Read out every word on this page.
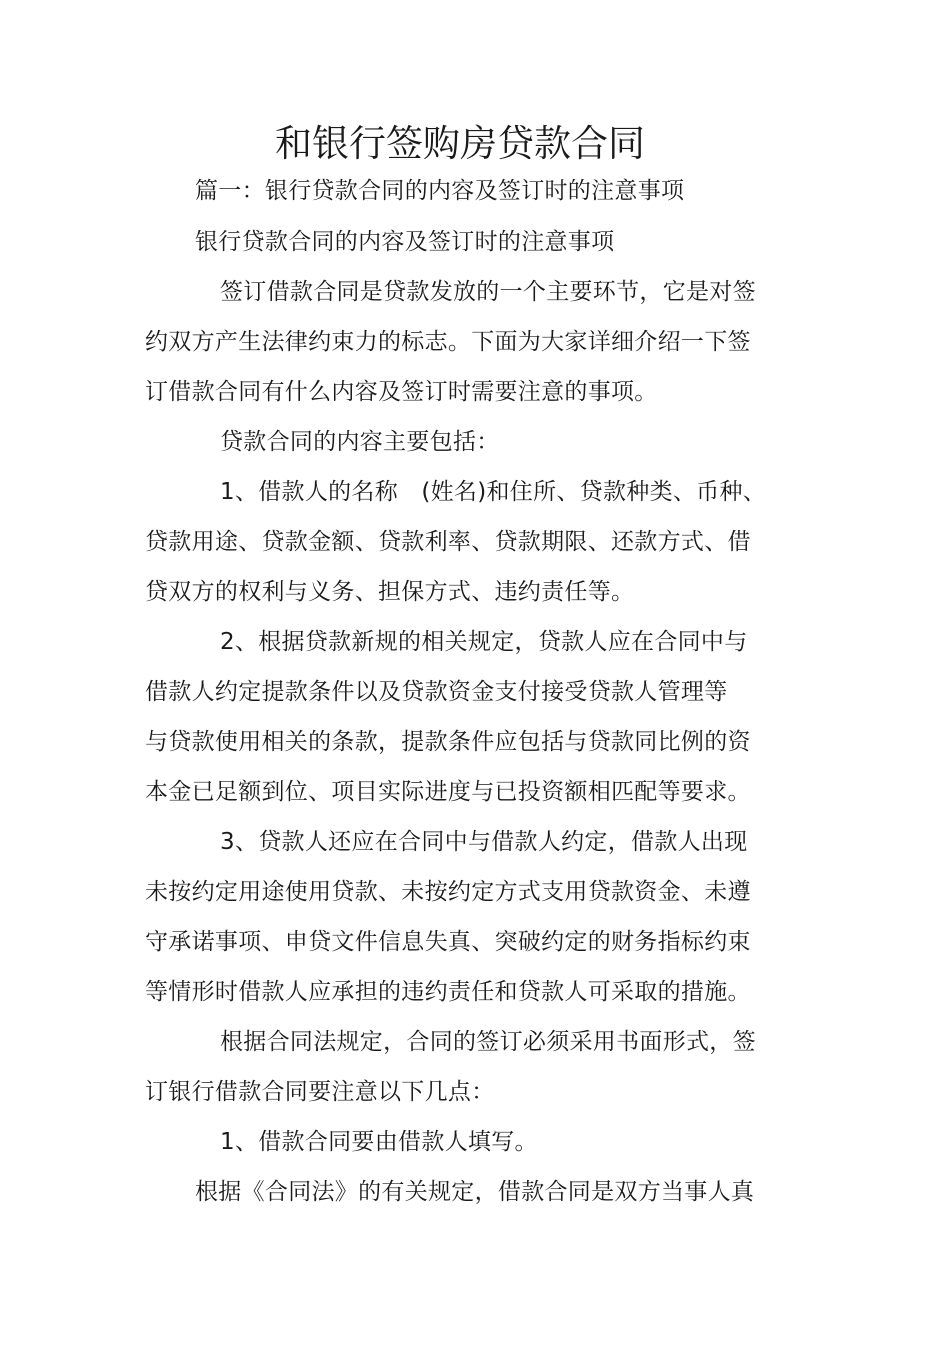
和银行签购房贷款合同
篇一：银行贷款合同的内容及签订时的注意事项
银行贷款合同的内容及签订时的注意事项
签订借款合同是贷款发放的一个主要环节，它是对签
约双方产生法律约束力的标志。下面为大家详细介绍一下签
订借款合同有什么内容及签订时需要注意的事项。
贷款合同的内容主要包括：
1、借款人的名称　(姓名)和住所、贷款种类、币种、
贷款用途、贷款金额、贷款利率、贷款期限、还款方式、借
贷双方的权利与义务、担保方式、违约责任等。
2、根据贷款新规的相关规定，贷款人应在合同中与
借款人约定提款条件以及贷款资金支付接受贷款人管理等
与贷款使用相关的条款，提款条件应包括与贷款同比例的资
本金已足额到位、项目实际进度与已投资额相匹配等要求。
3、贷款人还应在合同中与借款人约定，借款人出现
未按约定用途使用贷款、未按约定方式支用贷款资金、未遵
守承诺事项、申贷文件信息失真、突破约定的财务指标约束
等情形时借款人应承担的违约责任和贷款人可采取的措施。
根据合同法规定，合同的签订必须采用书面形式，签
订银行借款合同要注意以下几点：
1、借款合同要由借款人填写。
根据《合同法》的有关规定，借款合同是双方当事人真
